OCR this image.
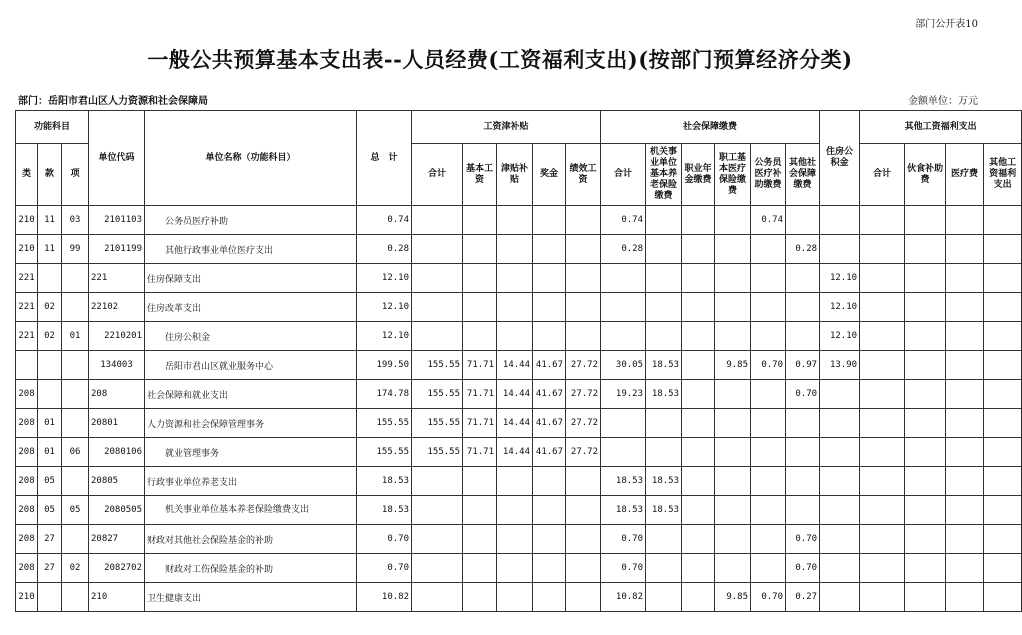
部门公开表10
一般公共预算基本支出表--人员经费(工资福利支出)(按部门预算经济分类)
部门：岳阳市君山区人力资源和社会保障局	金额单位：万元
功能科目			单位代码	单位名称（功能科目）	总　计	工资津补贴					社会保障缴费						住房公积金	其他工资福利支出			
类	款	项				合计	基本工资	津贴补贴	奖金	绩效工资	合计	机关事业单位基本养老保险缴费	职业年金缴费	职工基本医疗保险缴费	公务员医疗补助缴费	其他社会保障缴费		合计	伙食补助费	医疗费	其他工资福利支出
210	11	03	2101103	公务员医疗补助	0.74						0.74				0.74						
210	11	99	2101199	其他行政事业单位医疗支出	0.28						0.28					0.28					
221			221	住房保障支出	12.10												12.10				
221	02		22102	住房改革支出	12.10												12.10				
221	02	01	2210201	住房公积金	12.10												12.10				
			134003	岳阳市君山区就业服务中心	199.50	155.55	71.71	14.44	41.67	27.72	30.05	18.53		9.85	0.70	0.97	13.90				
208			208	社会保障和就业支出	174.78	155.55	71.71	14.44	41.67	27.72	19.23	18.53				0.70					
208	01		20801	人力资源和社会保障管理事务	155.55	155.55	71.71	14.44	41.67	27.72											
208	01	06	2080106	就业管理事务	155.55	155.55	71.71	14.44	41.67	27.72											
208	05		20805	行政事业单位养老支出	18.53						18.53	18.53									
208	05	05	2080505	机关事业单位基本养老保险缴费支出	18.53						18.53	18.53									
208	27		20827	财政对其他社会保险基金的补助	0.70						0.70					0.70					
208	27	02	2082702	财政对工伤保险基金的补助	0.70						0.70					0.70					
210			210	卫生健康支出	10.82						10.82			9.85	0.70	0.27					
